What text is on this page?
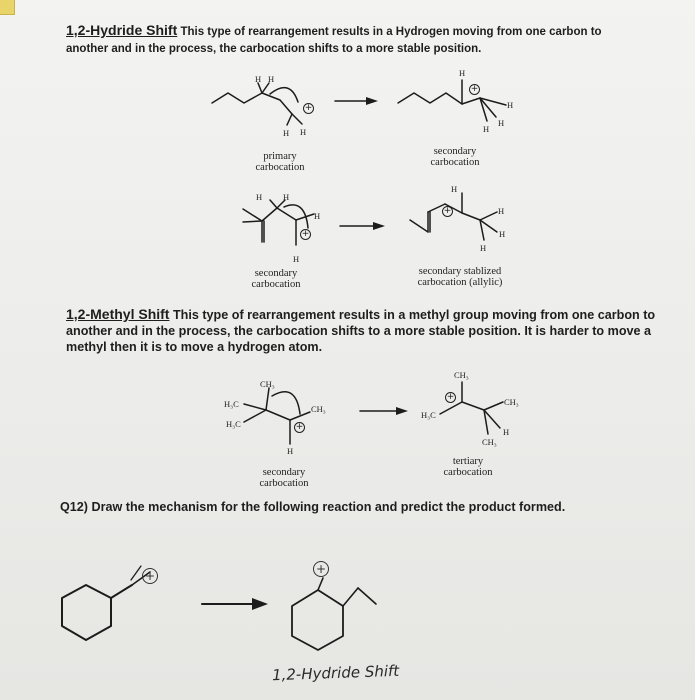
1,2-Hydride Shift This type of rearrangement results in a Hydrogen moving from one carbon to
another and in the process, the carbocation shifts to a more stable position.
H H
+
H H
H
+
H
H
H
primary
carbocation
secondary
carbocation
H H
H
+
H
H
+	H
H
H
secondary
carbocation
secondary stablized
carbocation (allylic)
1,2-Methyl Shift This type of rearrangement results in a methyl group moving from one carbon to
another and in the process, the carbocation shifts to a more stable position. It is harder to move a
methyl then it is to move a hydrogen atom.
CH₃
H₃C
H₃C
CH₃
+
H
CH₃
+
H₃C
CH₃
H
CH₃
tertiary
carbocation
secondary
carbocation
Q12) Draw the mechanism for the following reaction and predict the product formed.
+	+
1,2-Hydride Shift
